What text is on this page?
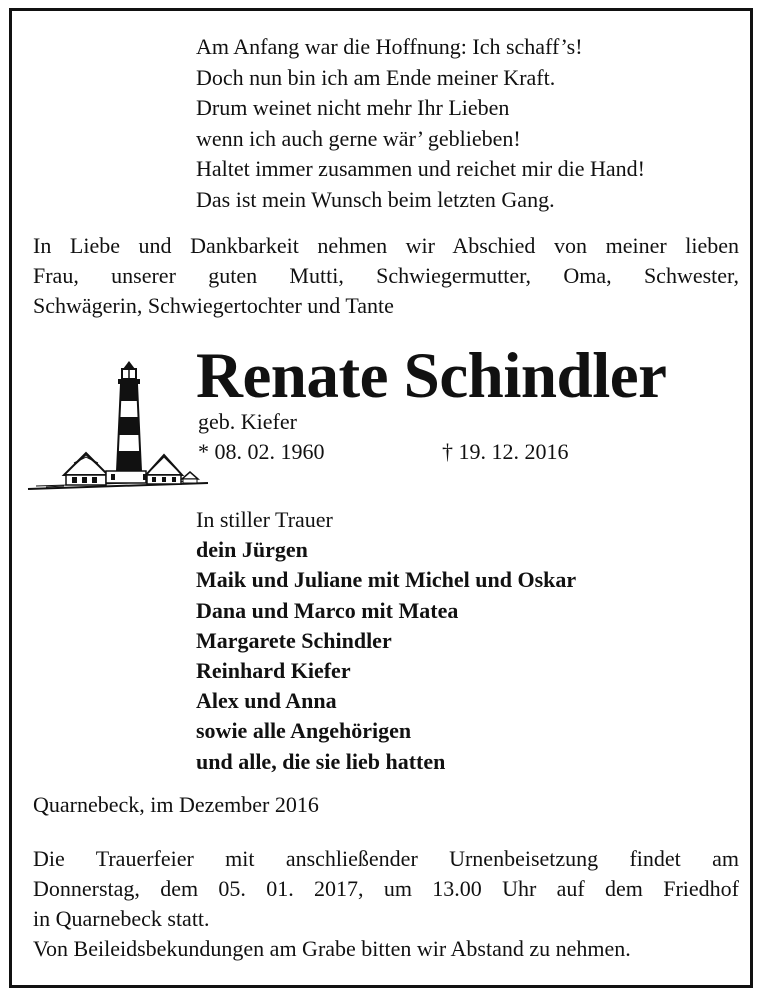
Am Anfang war die Hoffnung: Ich schaff’s!
Doch nun bin ich am Ende meiner Kraft.
Drum weinet nicht mehr Ihr Lieben
wenn ich auch gerne wär’ geblieben!
Haltet immer zusammen und reichet mir die Hand!
Das ist mein Wunsch beim letzten Gang.
In Liebe und Dankbarkeit nehmen wir Abschied von meiner lieben
Frau, unserer guten Mutti, Schwiegermutter, Oma, Schwester,
Schwägerin, Schwiegertochter und Tante
Renate Schindler
geb. Kiefer
* 08. 02. 1960	† 19. 12. 2016
In stiller Trauer
dein Jürgen
Maik und Juliane mit Michel und Oskar
Dana und Marco mit Matea
Margarete Schindler
Reinhard Kiefer
Alex und Anna
sowie alle Angehörigen
und alle, die sie lieb hatten
Quarnebeck, im Dezember 2016
Die Trauerfeier mit anschließender Urnenbeisetzung findet am
Donnerstag, dem 05. 01. 2017, um 13.00 Uhr auf dem Friedhof
in Quarnebeck statt.
Von Beileidsbekundungen am Grabe bitten wir Abstand zu nehmen.
